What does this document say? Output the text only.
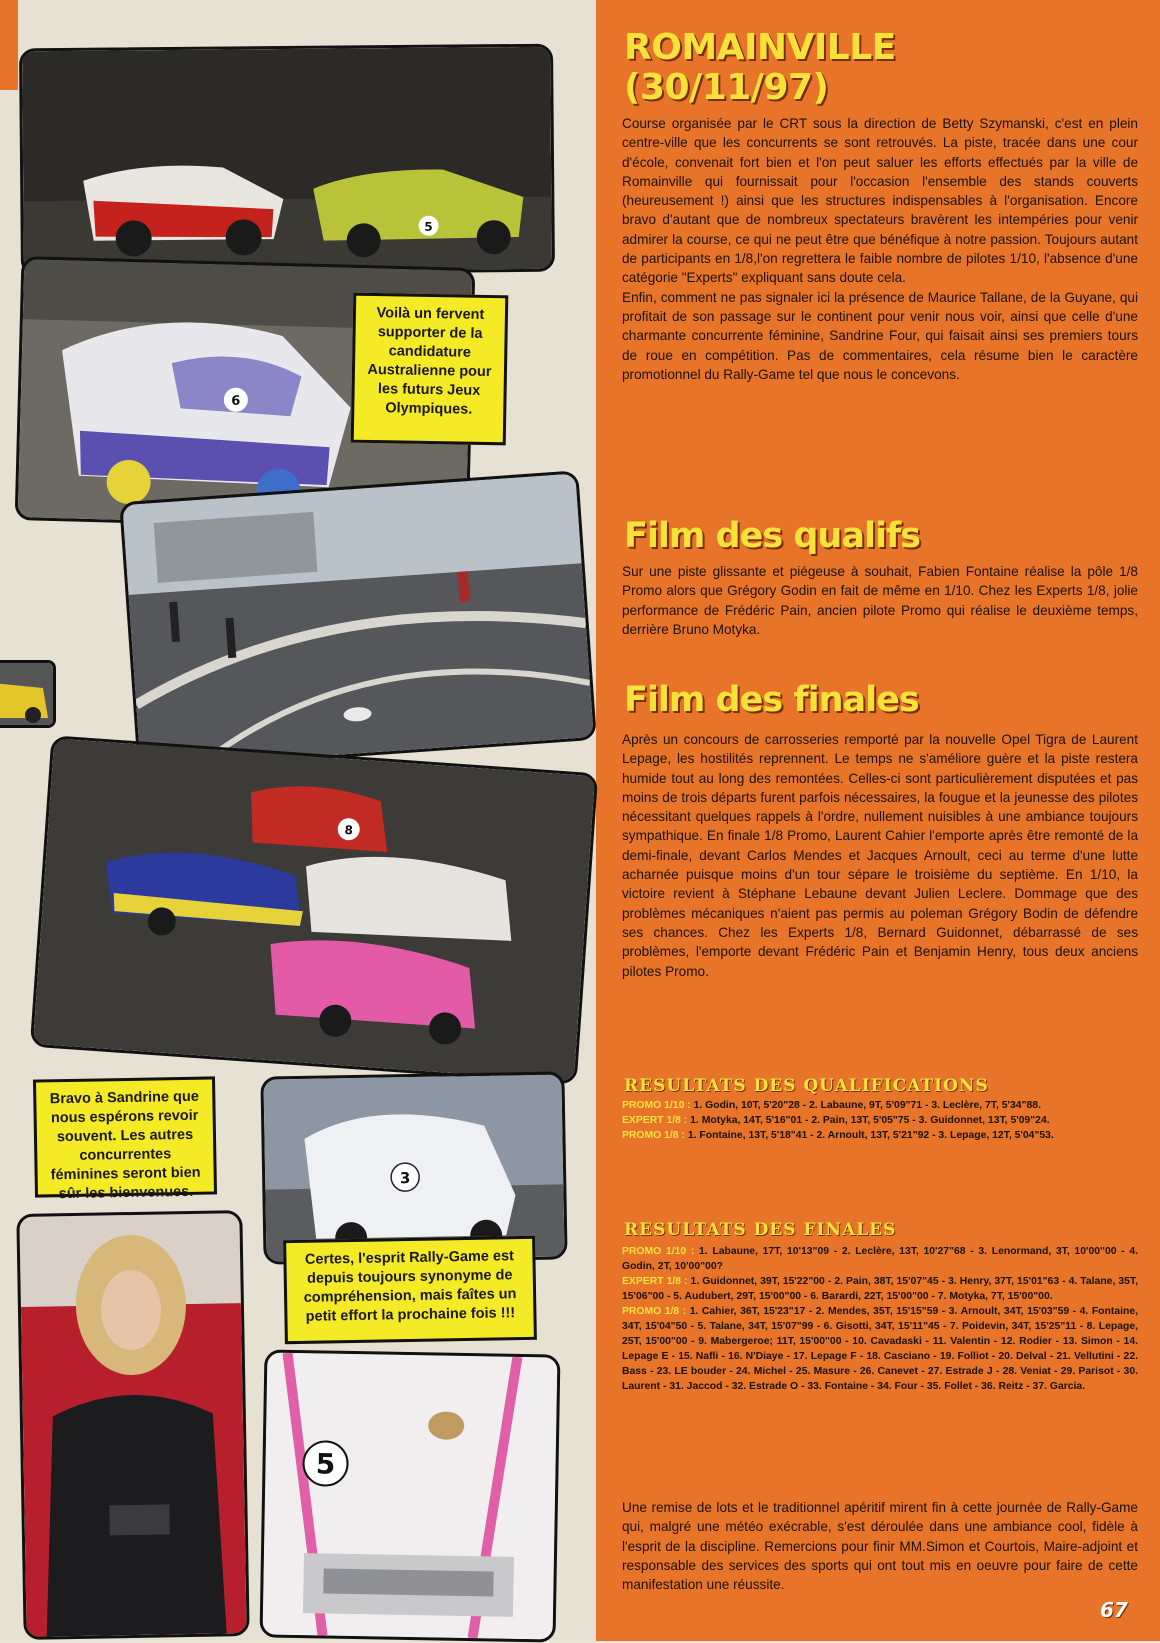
5
6
Voilà un fervent supporter de la candidature Australienne pour les futurs Jeux Olympiques.
8
Bravo à Sandrine que nous espérons revoir souvent. Les autres concurrentes féminines seront bien sûr les bienvenues.
3
Certes, l'esprit Rally-Game est depuis toujours synonyme de compréhension, mais faîtes un petit effort la prochaine fois !!!
5
ROMAINVILLE
(30/11/97)

Course organisée par le CRT sous la direction de Betty Szymanski, c'est en plein centre-ville que les concurrents se sont retrouvés. La piste, tracée dans une cour d'école, convenait fort bien et l'on peut saluer les efforts effectués par la ville de Romainville qui fournissait pour l'occasion l'ensemble des stands couverts (heureusement !) ainsi que les structures indispensables à l'organisation. Encore bravo d'autant que de nombreux spectateurs bravèrent les intempéries pour venir admirer la course, ce qui ne peut être que bénéfique à notre passion. Toujours autant de participants en 1/8,l'on regrettera le faible nombre de pilotes 1/10, l'absence d'une catégorie "Experts" expliquant sans doute cela.

Enfin, comment ne pas signaler ici la présence de Maurice Tallane, de la Guyane, qui profitait de son passage sur le continent pour venir nous voir, ainsi que celle d'une charmante concurrente féminine, Sandrine Four, qui faisait ainsi ses premiers tours de roue en compétition. Pas de commentaires, cela résume bien le caractère promotionnel du Rally-Game tel que nous le concevons.

Film des qualifs
Sur une piste glissante et piégeuse à souhait, Fabien Fontaine réalise la pôle 1/8 Promo alors que Grégory Godin en fait de même en 1/10. Chez les Experts 1/8, jolie performance de Frédéric Pain, ancien pilote Promo qui réalise le deuxième temps, derrière Bruno Motyka.
Film des finales
Après un concours de carrosseries remporté par la nouvelle Opel Tigra de Laurent Lepage, les hostilités reprennent. Le temps ne s'améliore guère et la piste restera humide tout au long des remontées. Celles-ci sont particulièrement disputées et pas moins de trois départs furent parfois nécessaires, la fougue et la jeunesse des pilotes nécessitant quelques rappels à l'ordre, nullement nuisibles à une ambiance toujours sympathique. En finale 1/8 Promo, Laurent Cahier l'emporte après être remonté de la demi-finale, devant Carlos Mendes et Jacques Arnoult, ceci au terme d'une lutte acharnée puisque moins d'un tour sépare le troisième du septième. En 1/10, la victoire revient à Stéphane Lebaune devant Julien Leclere. Dommage que des problèmes mécaniques n'aient pas permis au poleman Grégory Bodin de défendre ses chances. Chez les Experts 1/8, Bernard Guidonnet, débarrassé de ses problèmes, l'emporte devant Frédéric Pain et Benjamin Henry, tous deux anciens pilotes Promo.
RESULTATS DES QUALIFICATIONS
PROMO 1/10 : 1. Godin, 10T, 5'20"28 - 2. Labaune, 9T, 5'09"71 - 3. Leclère, 7T, 5'34"88.
EXPERT 1/8 : 1. Motyka, 14T, 5'16"01 - 2. Pain, 13T, 5'05"75 - 3. Guidonnet, 13T, 5'09"24.
PROMO 1/8 : 1. Fontaine, 13T, 5'18"41 - 2. Arnoult, 13T, 5'21"92 - 3. Lepage, 12T, 5'04"53.
RESULTATS DES FINALES
PROMO 1/10 : 1. Labaune, 17T, 10'13"09 - 2. Leclère, 13T, 10'27"68 - 3. Lenormand, 3T, 10'00"00 - 4. Godin, 2T, 10'00"00?
EXPERT 1/8 : 1. Guidonnet, 39T, 15'22"00 - 2. Pain, 38T, 15'07"45 - 3. Henry, 37T, 15'01"63 - 4. Talane, 35T, 15'06"00 - 5. Audubert, 29T, 15'00"00 - 6. Barardi, 22T, 15'00"00 - 7. Motyka, 7T, 15'00"00.
PROMO 1/8 : 1. Cahier, 36T, 15'23"17 - 2. Mendes, 35T, 15'15"59 - 3. Arnoult, 34T, 15'03"59 - 4. Fontaine, 34T, 15'04"50 - 5. Talane, 34T, 15'07"99 - 6. Gisotti, 34T, 15'11"45 - 7. Poidevin, 34T, 15'25"11 - 8. Lepage, 25T, 15'00"00 - 9. Mabergeroe; 11T, 15'00"00 - 10. Cavadaski - 11. Valentin - 12. Rodier - 13. Simon - 14. Lepage E - 15. Nafli - 16. N'Diaye - 17. Lepage F - 18. Casciano - 19. Folliot - 20. Delval - 21. Vellutini - 22. Bass - 23. LE bouder - 24. Michel - 25. Masure - 26. Canevet - 27. Estrade J - 28. Veniat - 29. Parisot - 30. Laurent - 31. Jaccod - 32. Estrade O - 33. Fontaine - 34. Four - 35. Follet - 36. Reitz - 37. Garcia.
Une remise de lots et le traditionnel apéritif mirent fin à cette journée de Rally-Game qui, malgré une météo exécrable, s'est déroulée dans une ambiance cool, fidèle à l'esprit de la discipline. Remercions pour finir MM.Simon et Courtois, Maire-adjoint et responsable des services des sports qui ont tout mis en oeuvre pour faire de cette manifestation une réussite.
67
